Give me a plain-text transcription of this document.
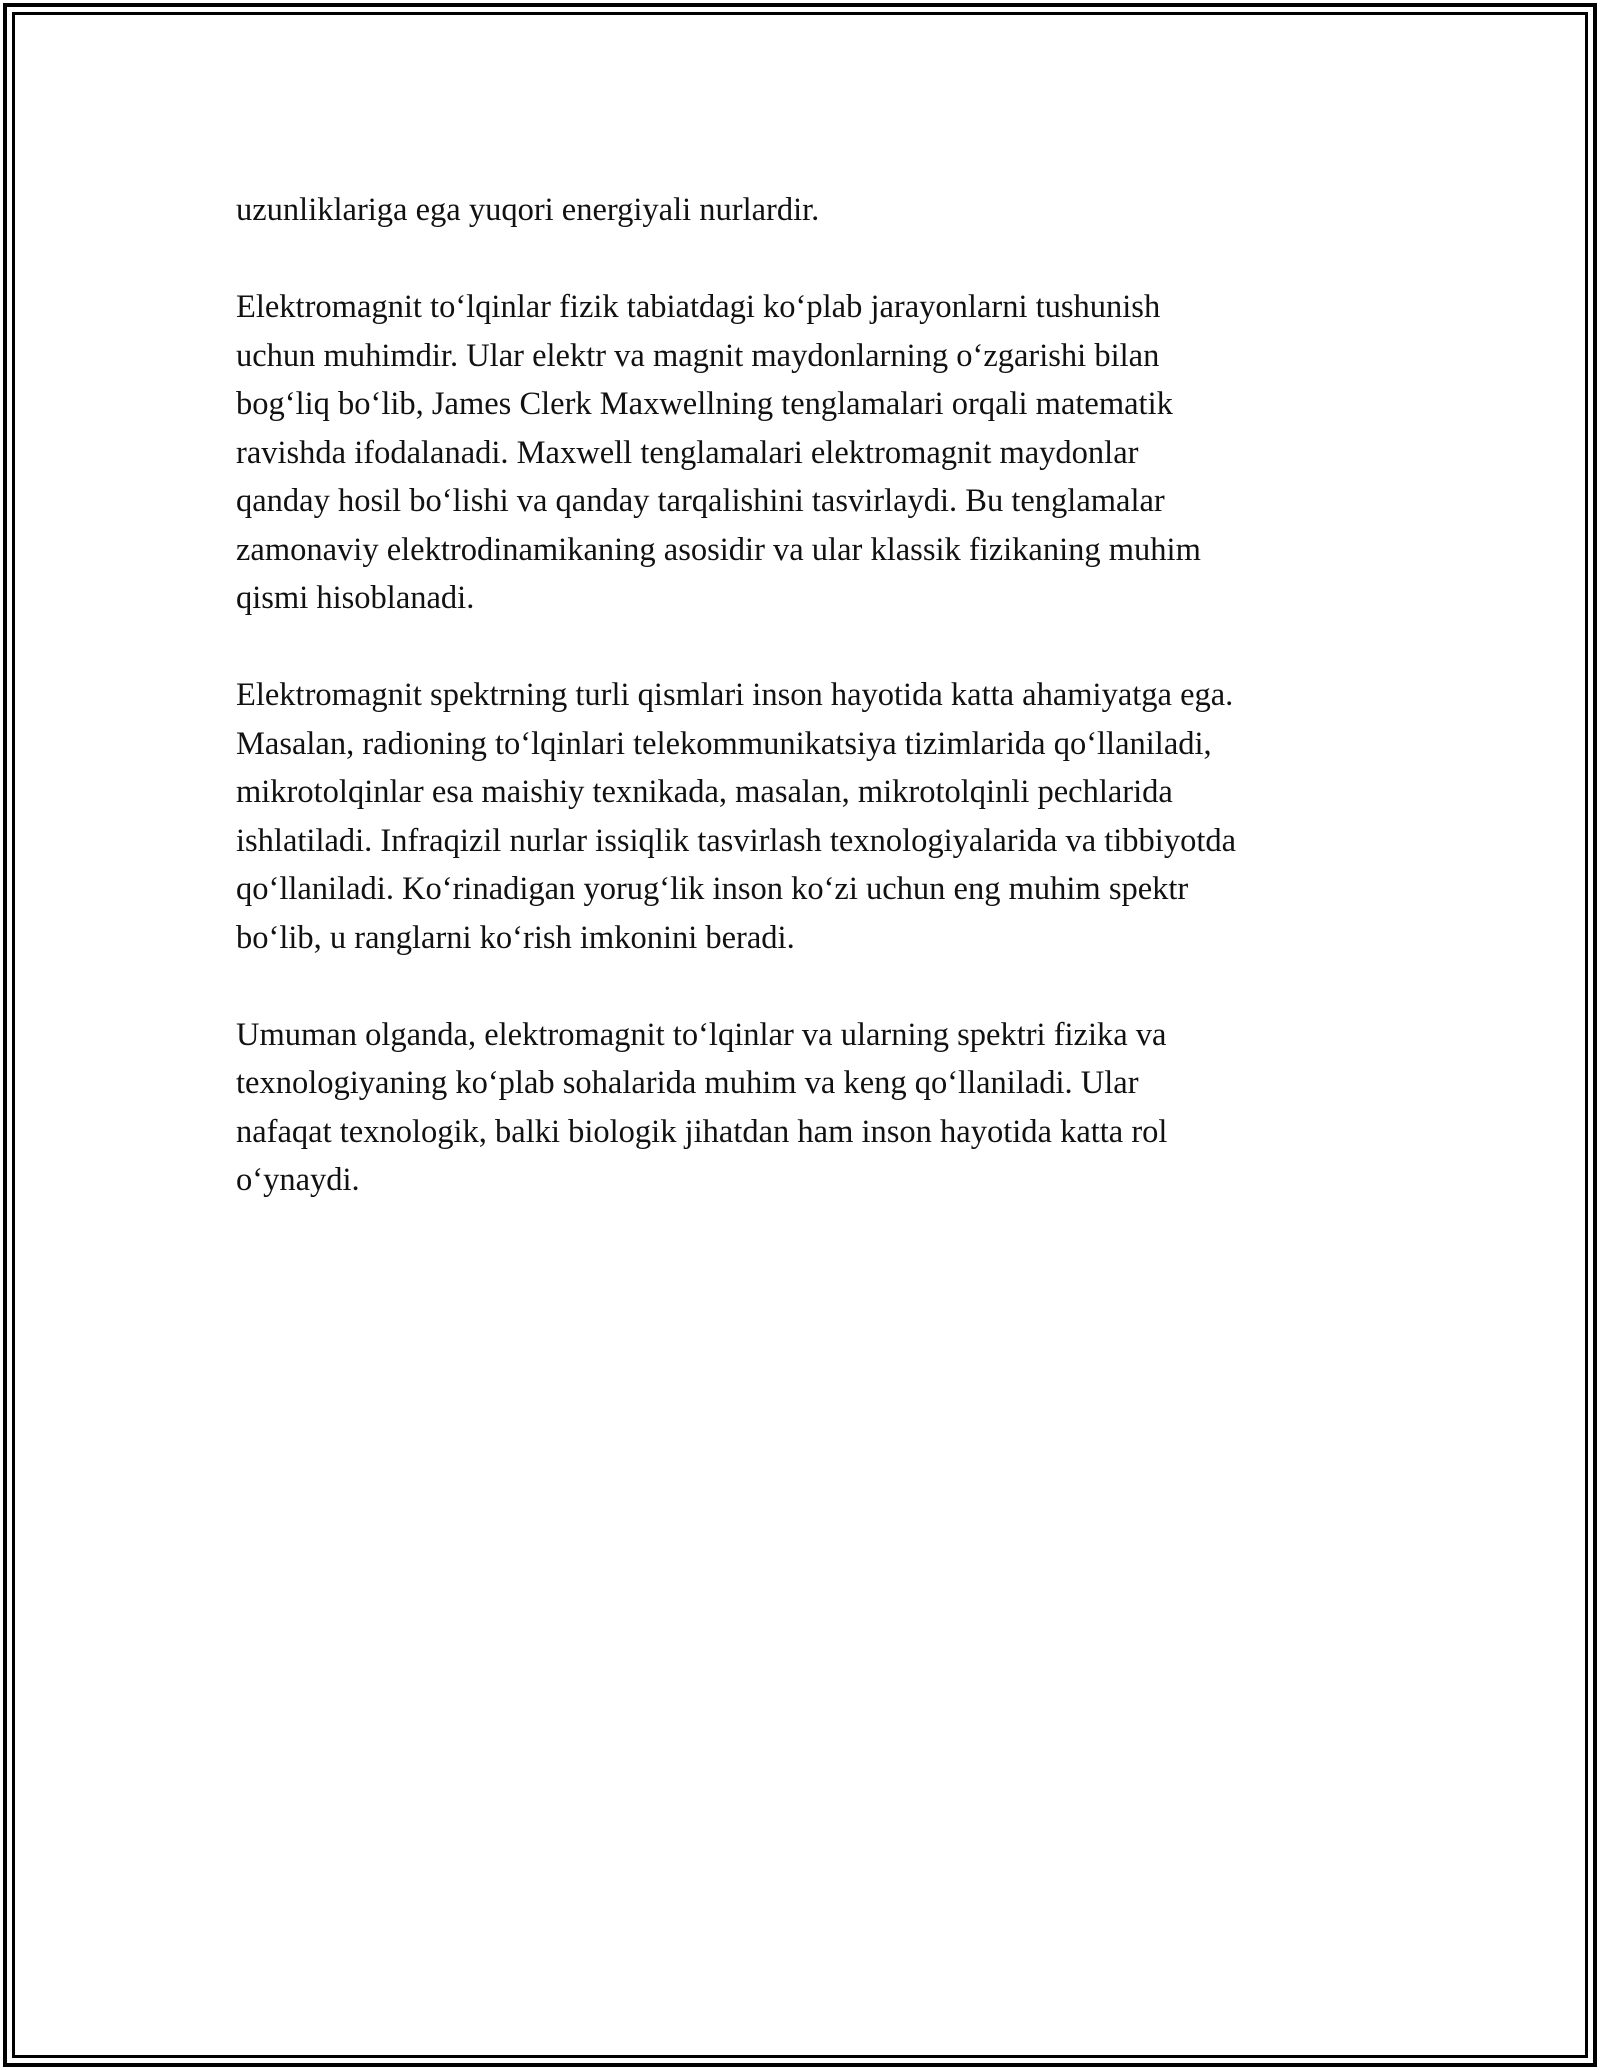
uzunliklariga ega yuqori energiyali nurlardir.

Elektromagnit to‘lqinlar fizik tabiatdagi ko‘plab jarayonlarni tushunish
uchun muhimdir. Ular elektr va magnit maydonlarning o‘zgarishi bilan
bog‘liq bo‘lib, James Clerk Maxwellning tenglamalari orqali matematik
ravishda ifodalanadi. Maxwell tenglamalari elektromagnit maydonlar
qanday hosil bo‘lishi va qanday tarqalishini tasvirlaydi. Bu tenglamalar
zamonaviy elektrodinamikaning asosidir va ular klassik fizikaning muhim
qismi hisoblanadi.

Elektromagnit spektrning turli qismlari inson hayotida katta ahamiyatga ega.
Masalan, radioning to‘lqinlari telekommunikatsiya tizimlarida qo‘llaniladi,
mikrotolqinlar esa maishiy texnikada, masalan, mikrotolqinli pechlarida
ishlatiladi. Infraqizil nurlar issiqlik tasvirlash texnologiyalarida va tibbiyotda
qo‘llaniladi. Ko‘rinadigan yorug‘lik inson ko‘zi uchun eng muhim spektr
bo‘lib, u ranglarni ko‘rish imkonini beradi.

Umuman olganda, elektromagnit to‘lqinlar va ularning spektri fizika va
texnologiyaning ko‘plab sohalarida muhim va keng qo‘llaniladi. Ular
nafaqat texnologik, balki biologik jihatdan ham inson hayotida katta rol
o‘ynaydi.
